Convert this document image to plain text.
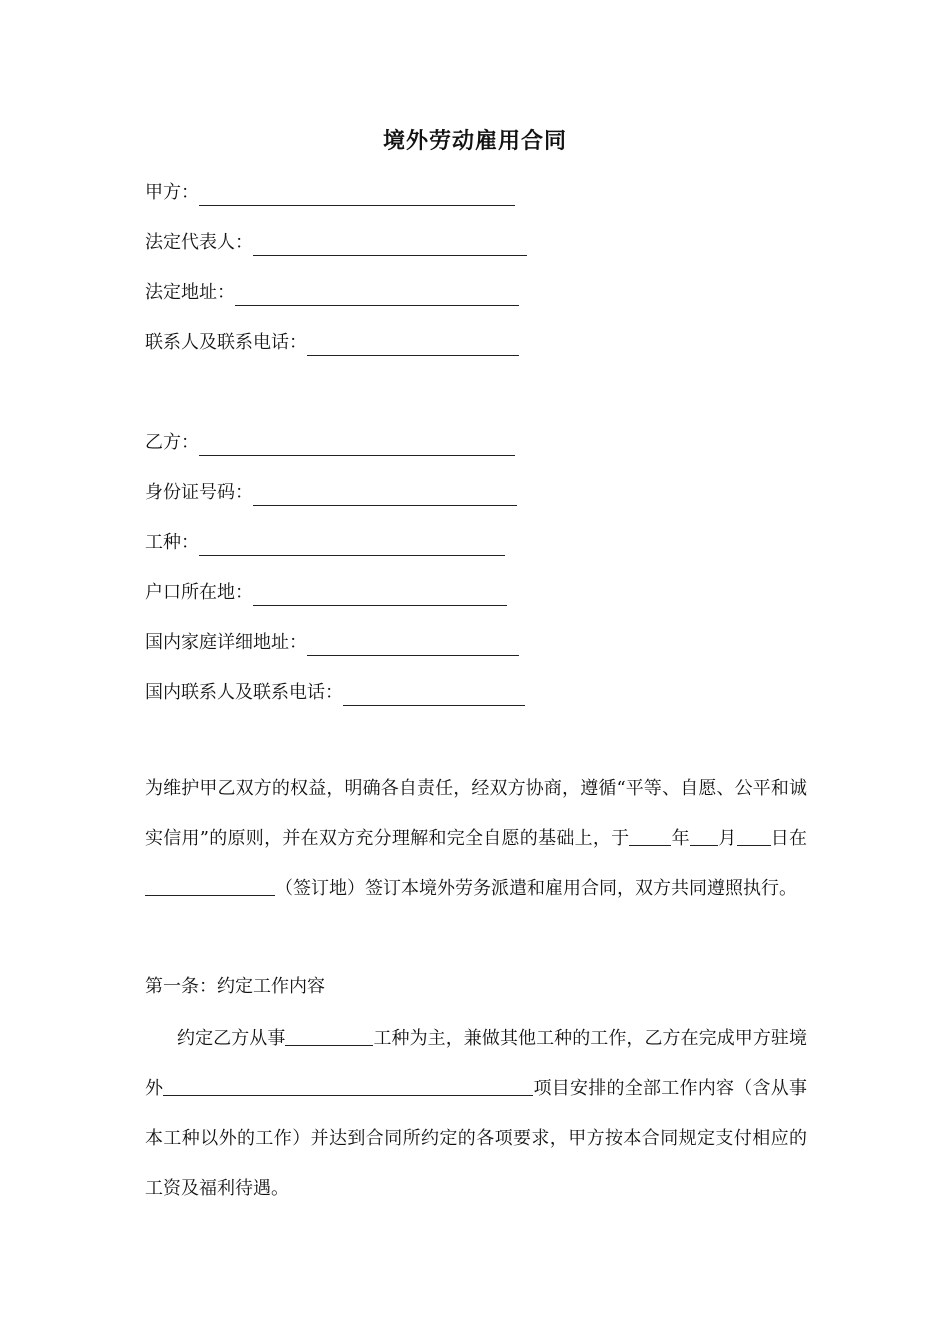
境外劳动雇用合同
甲方：
法定代表人：
法定地址：
联系人及联系电话：
乙方：
身份证号码：
工种：
户口所在地：
国内家庭详细地址：
国内联系人及联系电话：
为维护甲乙双方的权益，明确各自责任，经双方协商，遵循“平等、自愿、公平和诚实信用”的原则，并在双方充分理解和完全自愿的基础上，于 年 月 日在（签订地）签订本境外劳务派遣和雇用合同，双方共同遵照执行。
第一条：约定工作内容
约定乙方从事	工种为主，兼做其他工种的工作，乙方在完成甲方驻境外	项目安排的全部工作内容（含从事本工种以外的工作）并达到合同所约定的各项要求，甲方按本合同规定支付相应的工资及福利待遇。
